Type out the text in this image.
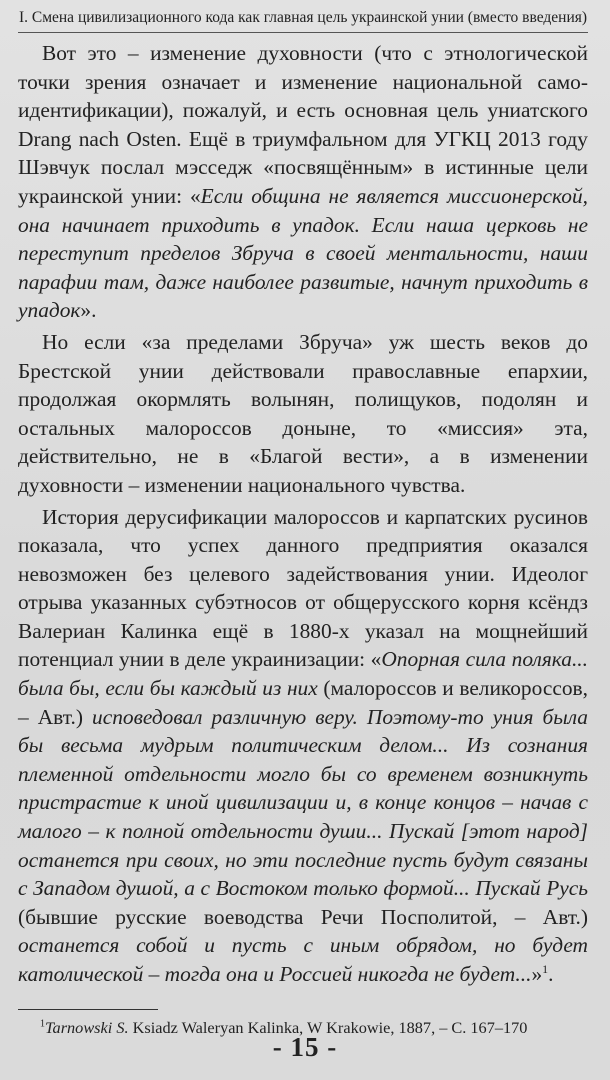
I. Смена цивилизационного кода как главная цель украинской унии (вместо введения)

Вот это – изменение духовности (что с этнологической точки зрения означает и изменение национальной само-идентификации), пожалуй, и есть основная цель униатского Drang nach Osten. Ещё в триумфальном для УГКЦ 2013 году Шэвчук послал мэсседж «посвящённым» в истинные цели украинской унии: «Если община не является миссионерской, она начинает приходить в упадок. Если наша церковь не переступит пределов Збруча в своей ментальности, наши парафии там, даже наиболее развитые, начнут приходить в упадок».

Но если «за пределами Збруча» уж шесть веков до Брестской унии действовали православные епархии, продолжая окормлять волынян, полищуков, подолян и остальных малороссов доныне, то «миссия» эта, действительно, не в «Благой вести», а в изменении духовности – изменении национального чувства.

История дерусификации малороссов и карпатских русинов показала, что успех данного предприятия оказался невозможен без целевого задействования унии. Идеолог отрыва указанных субэтносов от общерусского корня ксёндз Валериан Калинка ещё в 1880-х указал на мощнейший потенциал унии в деле украинизации: «Опорная сила поляка... была бы, если бы каждый из них (малороссов и великороссов, – Авт.) исповедовал различную веру. Поэтому-то уния была бы весьма мудрым политическим делом... Из сознания племенной отдельности могло бы со временем возникнуть пристрастие к иной цивилизации и, в конце концов – начав с малого – к полной отдельности души... Пускай [этот народ] останется при своих, но эти последние пусть будут связаны с Западом душой, а с Востоком только формой... Пускай Русь (бывшие русские воеводства Речи Посполитой, – Авт.) останется собой и пусть с иным обрядом, но будет католической – тогда она и Россией никогда не будет...»$^1$.

$^1$Tarnowski S. Ksiadz Waleryan Kalinka, W Krakowie, 1887, – С. 167–170

- 15 -
